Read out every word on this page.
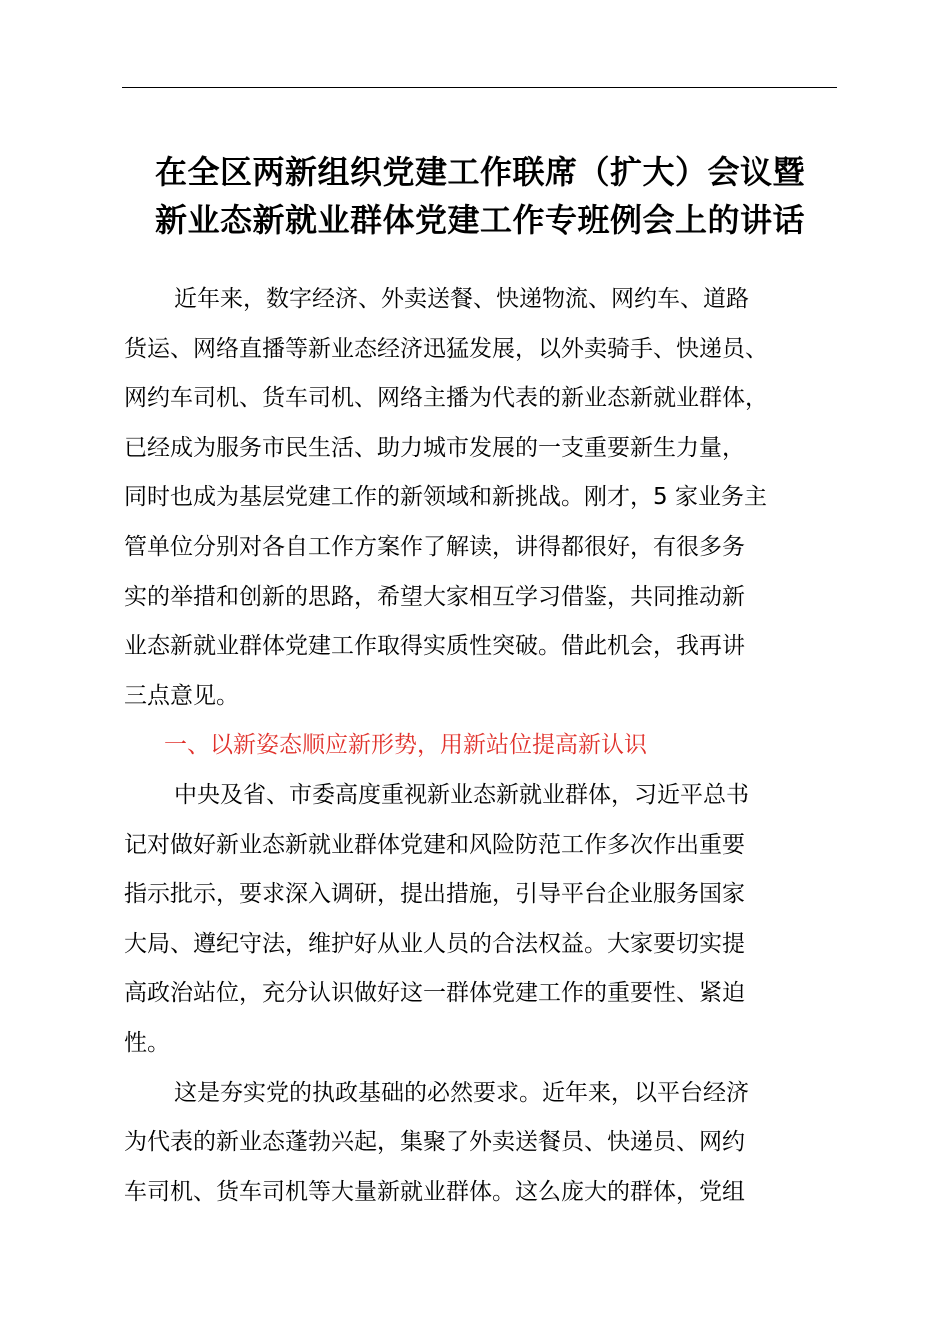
在全区两新组织党建工作联席（扩大）会议暨
新业态新就业群体党建工作专班例会上的讲话
近年来，数字经济、外卖送餐、快递物流、网约车、道路
货运、网络直播等新业态经济迅猛发展，以外卖骑手、快递员、
网约车司机、货车司机、网络主播为代表的新业态新就业群体，
已经成为服务市民生活、助力城市发展的一支重要新生力量，
同时也成为基层党建工作的新领域和新挑战。刚才，5 家业务主
管单位分别对各自工作方案作了解读，讲得都很好，有很多务
实的举措和创新的思路，希望大家相互学习借鉴，共同推动新
业态新就业群体党建工作取得实质性突破。借此机会，我再讲
三点意见。
一、以新姿态顺应新形势，用新站位提高新认识
中央及省、市委高度重视新业态新就业群体，习近平总书
记对做好新业态新就业群体党建和风险防范工作多次作出重要
指示批示，要求深入调研，提出措施，引导平台企业服务国家
大局、遵纪守法，维护好从业人员的合法权益。大家要切实提
高政治站位，充分认识做好这一群体党建工作的重要性、紧迫
性。
这是夯实党的执政基础的必然要求。近年来，以平台经济
为代表的新业态蓬勃兴起，集聚了外卖送餐员、快递员、网约
车司机、货车司机等大量新就业群体。这么庞大的群体，党组
